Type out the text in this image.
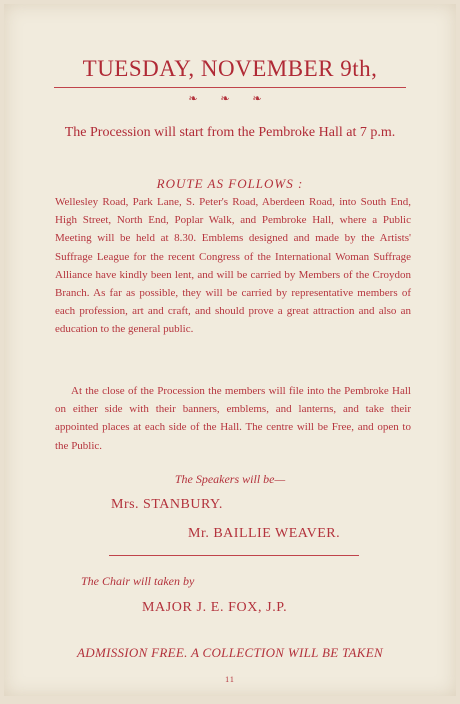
TUESDAY, NOVEMBER 9th,
❧ ❧ ❧
The Procession will start from the Pembroke Hall at 7 p.m.
ROUTE AS FOLLOWS :
Wellesley Road, Park Lane, S. Peter's Road, Aberdeen Road, into South End, High Street, North End, Poplar Walk, and Pembroke Hall, where a Public Meeting will be held at 8.30. Emblems designed and made by the Artists' Suffrage League for the recent Congress of the International Woman Suffrage Alliance have kindly been lent, and will be carried by Members of the Croydon Branch. As far as possible, they will be carried by representative members of each profession, art and craft, and should prove a great attraction and also an education to the general public.
At the close of the Procession the members will file into the Pembroke Hall on either side with their banners, emblems, and lanterns, and take their appointed places at each side of the Hall. The centre will be Free, and open to the Public.
The Speakers will be—
Mrs. STANBURY.
Mr. BAILLIE WEAVER.
The Chair will taken by
MAJOR J. E. FOX, J.P.
ADMISSION FREE. A COLLECTION WILL BE TAKEN
11
